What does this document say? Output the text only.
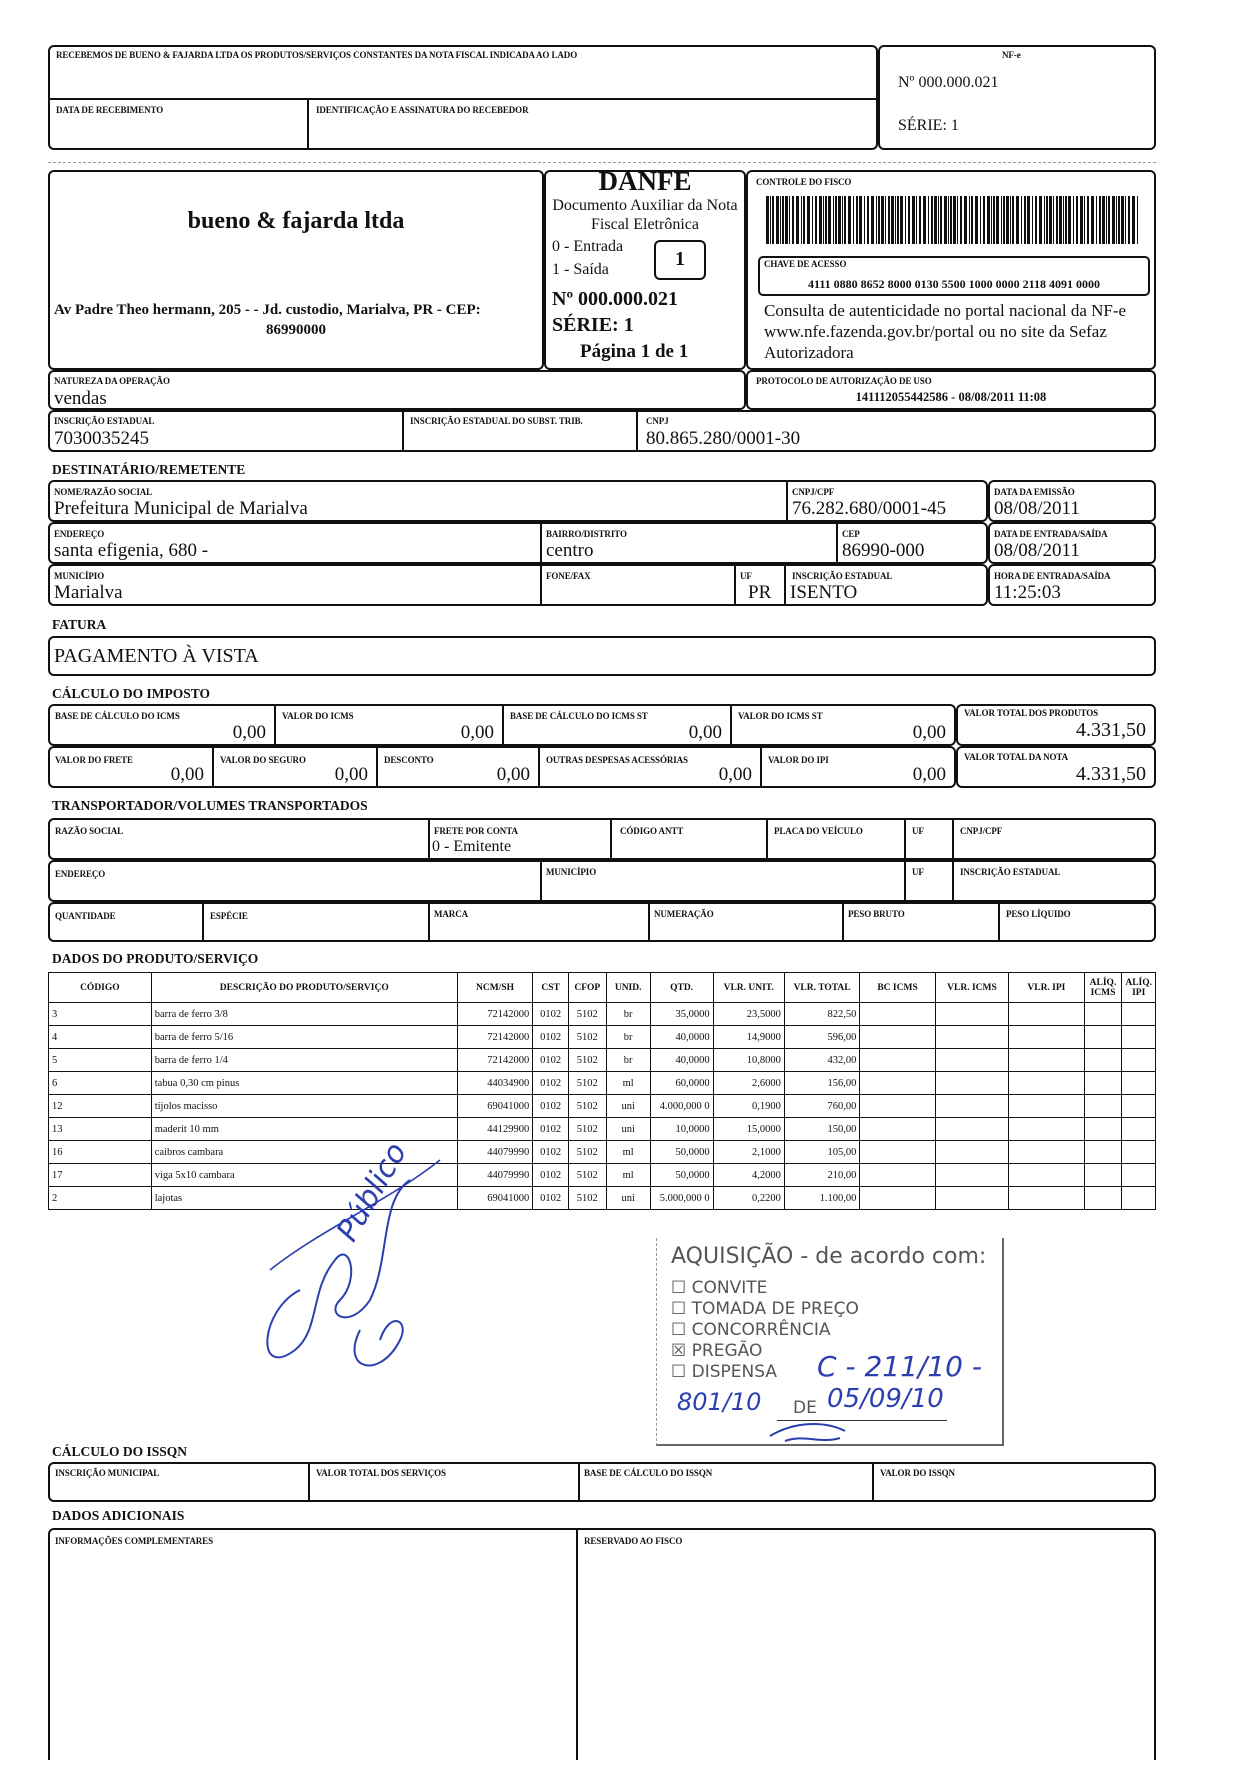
RECEBEMOS DE BUENO & FAJARDA LTDA OS PRODUTOS/SERVIÇOS CONSTANTES DA NOTA FISCAL INDICADA AO LADO
DATA DE RECEBIMENTO	IDENTIFICAÇÃO E ASSINATURA DO RECEBEDOR
NF-e
Nº 000.000.021
SÉRIE: 1
bueno & fajarda ltda
Av Padre Theo hermann, 205 - - Jd. custodio, Marialva, PR - CEP:
86990000
DANFE
Documento Auxiliar da Nota Fiscal Eletrônica
0 - Entrada
1 - Saída	1
Nº 000.000.021
SÉRIE: 1
Página 1 de 1
CONTROLE DO FISCO
CHAVE DE ACESSO
4111 0880 8652 8000 0130 5500 1000 0000 2118 4091 0000
Consulta de autenticidade no portal nacional da NF-e www.nfe.fazenda.gov.br/portal ou no site da Sefaz Autorizadora
NATUREZA DA OPERAÇÃO
vendas
PROTOCOLO DE AUTORIZAÇÃO DE USO
141112055442586 - 08/08/2011 11:08
INSCRIÇÃO ESTADUAL
7030035245
INSCRIÇÃO ESTADUAL DO SUBST. TRIB.	CNPJ
80.865.280/0001-30
DESTINATÁRIO/REMETENTE
NOME/RAZÃO SOCIAL
Prefeitura Municipal de Marialva
CNPJ/CPF
76.282.680/0001-45
DATA DA EMISSÃO
08/08/2011
ENDEREÇO
santa efigenia, 680 -
BAIRRO/DISTRITO
centro
CEP
86990-000
DATA DE ENTRADA/SAÍDA
08/08/2011
MUNICÍPIO
Marialva
FONE/FAX	UF
PR
INSCRIÇÃO ESTADUAL
ISENTO
HORA DE ENTRADA/SAÍDA
11:25:03
FATURA
PAGAMENTO À VISTA
CÁLCULO DO IMPOSTO
BASE DE CÁLCULO DO ICMS
0,00
VALOR DO ICMS
0,00
BASE DE CÁLCULO DO ICMS ST
0,00
VALOR DO ICMS ST
0,00
VALOR TOTAL DOS PRODUTOS
4.331,50
VALOR DO FRETE
0,00
VALOR DO SEGURO
0,00
DESCONTO
0,00
OUTRAS DESPESAS ACESSÓRIAS
0,00
VALOR DO IPI
0,00
VALOR TOTAL DA NOTA
4.331,50
TRANSPORTADOR/VOLUMES TRANSPORTADOS
RAZÃO SOCIAL	FRETE POR CONTA
0 - Emitente
CÓDIGO ANTT	PLACA DO VEÍCULO	UF	CNPJ/CPF
ENDEREÇO	MUNICÍPIO	UF	INSCRIÇÃO ESTADUAL
QUANTIDADE	ESPÉCIE	MARCA	NUMERAÇÃO	PESO BRUTO	PESO LÍQUIDO
DADOS DO PRODUTO/SERVIÇO
CÓDIGO	DESCRIÇÃO DO PRODUTO/SERVIÇO	NCM/SH	CST	CFOP	UNID.	QTD.	VLR. UNIT.	VLR. TOTAL	BC ICMS	VLR. ICMS	VLR. IPI	ALÍQ. ICMS	ALÍQ. IPI
3	barra de ferro 3/8	72142000	0102	5102	br	35,0000	23,5000	822,50					
4	barra de ferro 5/16	72142000	0102	5102	br	40,0000	14,9000	596,00					
5	barra de ferro 1/4	72142000	0102	5102	br	40,0000	10,8000	432,00					
6	tabua 0,30 cm pinus	44034900	0102	5102	ml	60,0000	2,6000	156,00					
12	tijolos macisso	69041000	0102	5102	uni	4.000,000 0	0,1900	760,00					
13	maderit 10 mm	44129900	0102	5102	uni	10,0000	15,0000	150,00					
16	caibros cambara	44079990	0102	5102	ml	50,0000	2,1000	105,00					
17	viga 5x10 cambara	44079990	0102	5102	ml	50,0000	4,2000	210,00					
2	lajotas	69041000	0102	5102	uni	5.000,000 0	0,2200	1.100,00					
Público
AQUISIÇÃO - de acordo com:
☐ CONVITE
☐ TOMADA DE PREÇO
☐ CONCORRÊNCIA
☒ PREGÃO
☐ DISPENSA C - 211/10 -
801/10 DE 05/09/10
CÁLCULO DO ISSQN
INSCRIÇÃO MUNICIPAL	VALOR TOTAL DOS SERVIÇOS	BASE DE CÁLCULO DO ISSQN	VALOR DO ISSQN
DADOS ADICIONAIS
INFORMAÇÕES COMPLEMENTARES	RESERVADO AO FISCO
